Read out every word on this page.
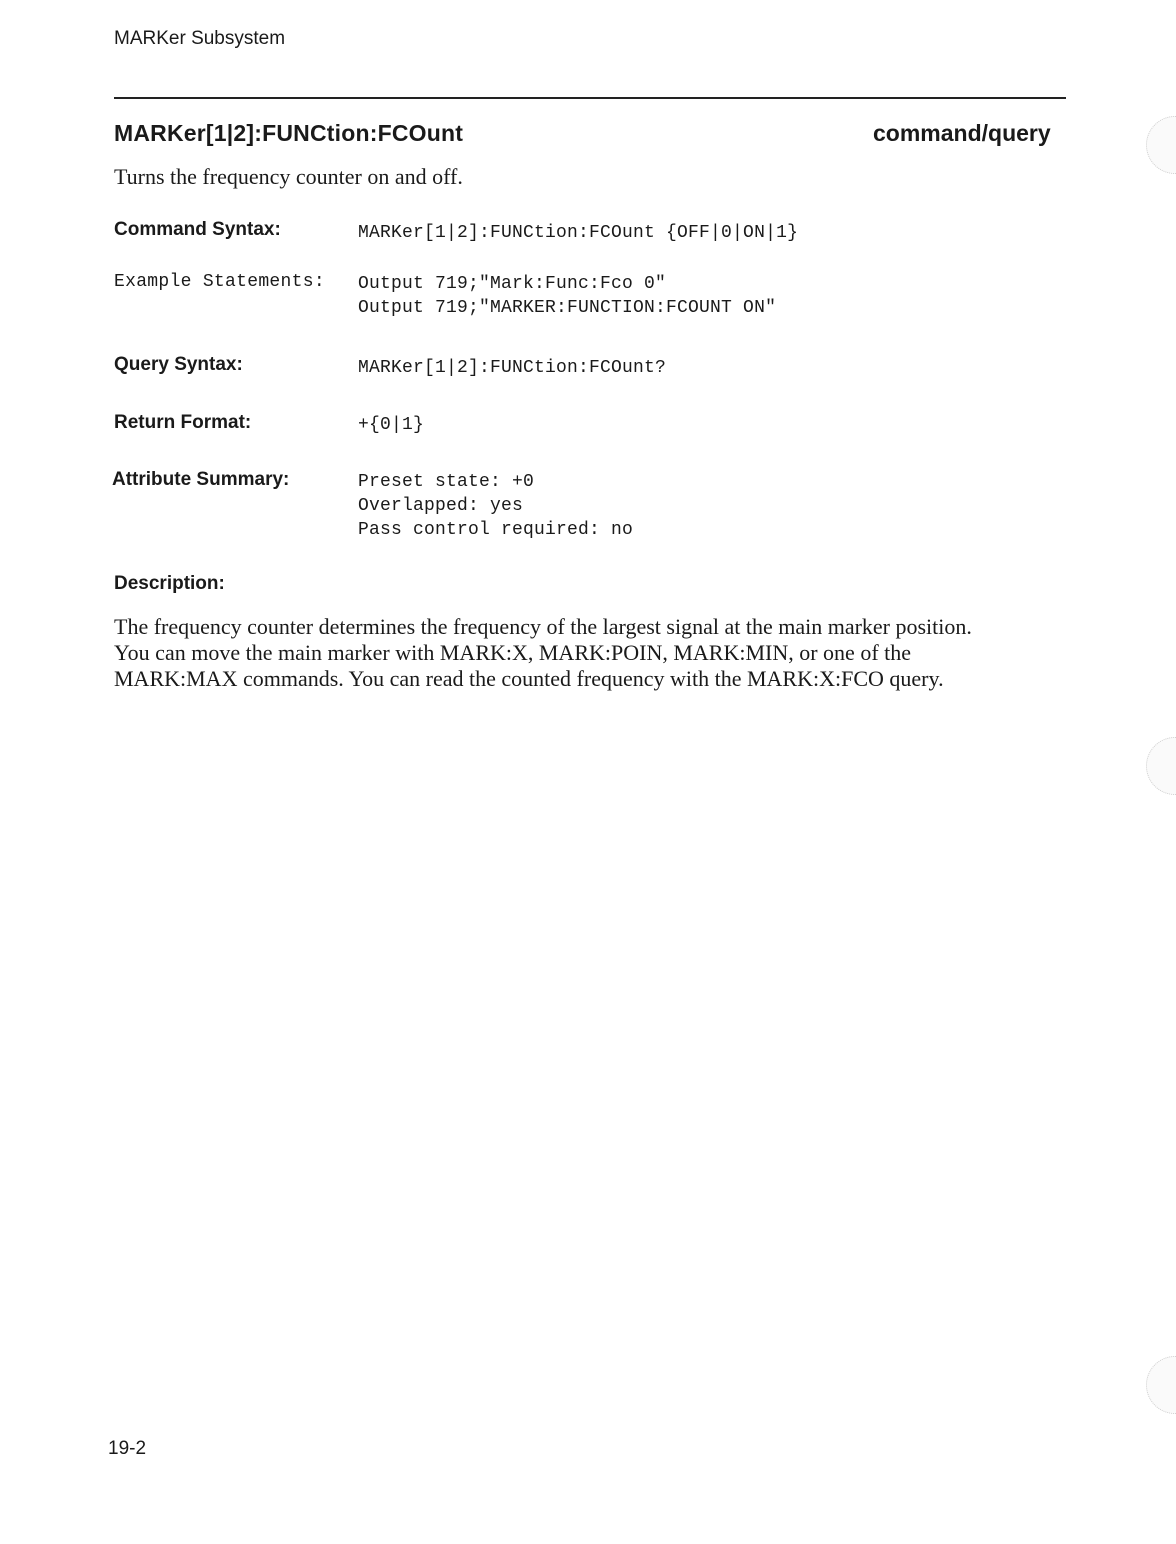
MARKer Subsystem
MARKer[1|2]:FUNCtion:FCOunt	command/query
Turns the frequency counter on and off.
Command Syntax:	MARKer[1|2]:FUNCtion:FCOunt {OFF|0|ON|1}
Example Statements: Output 719;"Mark:Func:Fco 0"
Output 719;"MARKER:FUNCTION:FCOUNT ON"
Query Syntax:	MARKer[1|2]:FUNCtion:FCOunt?
Return Format:	+{0|1}
Attribute Summary:	Preset state: +0
Overlapped: yes
Pass control required: no
Description:
The frequency counter determines the frequency of the largest signal at the main marker position.
You can move the main marker with MARK:X, MARK:POIN, MARK:MIN, or one of the
MARK:MAX commands. You can read the counted frequency with the MARK:X:FCO query.
19-2
